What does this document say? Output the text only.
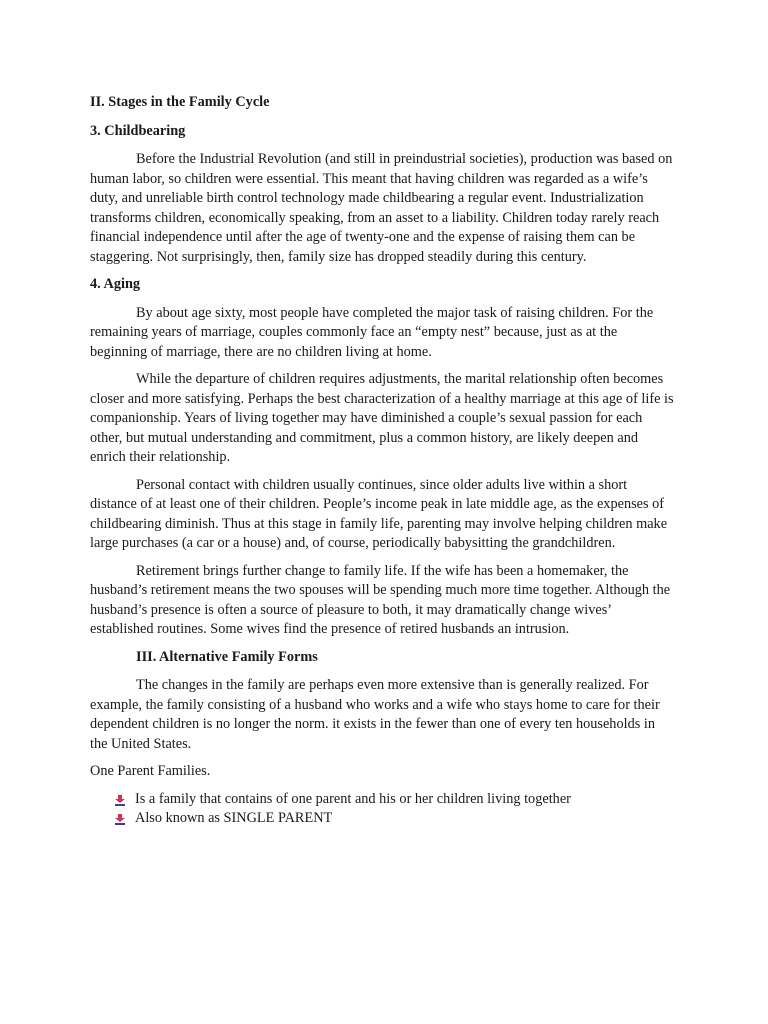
II. Stages in the Family Cycle
3. Childbearing

Before the Industrial Revolution (and still in preindustrial societies), production was based on human labor, so children were essential. This meant that having children was regarded as a wife’s duty, and unreliable birth control technology made childbearing a regular event. Industrialization transforms children, economically speaking, from an asset to a liability. Children today rarely reach financial independence until after the age of twenty-one and the expense of raising them can be staggering. Not surprisingly, then, family size has dropped steadily during this century.

4. Aging

By about age sixty, most people have completed the major task of raising children. For the remaining years of marriage, couples commonly face an “empty nest” because, just as at the beginning of marriage, there are no children living at home.

While the departure of children requires adjustments, the marital relationship often becomes closer and more satisfying. Perhaps the best characterization of a healthy marriage at this age of life is companionship. Years of living together may have diminished a couple’s sexual passion for each other, but mutual understanding and commitment, plus a common history, are likely deepen and enrich their relationship.

Personal contact with children usually continues, since older adults live within a short distance of at least one of their children. People’s income peak in late middle age, as the expenses of childbearing diminish. Thus at this stage in family life, parenting may involve helping children make large purchases (a car or a house) and, of course, periodically babysitting the grandchildren.

Retirement brings further change to family life. If the wife has been a homemaker, the husband’s retirement means the two spouses will be spending much more time together. Although the husband’s presence is often a source of pleasure to both, it may dramatically change wives’ established routines. Some wives find the presence of retired husbands an intrusion.

III. Alternative Family Forms

The changes in the family are perhaps even more extensive than is generally realized. For example, the family consisting of a husband who works and a wife who stays home to care for their dependent children is no longer the norm. it exists in the fewer than one of every ten households in the United States.

One Parent Families.

Is a family that contains of one parent and his or her children living together
Also known as SINGLE PARENT
